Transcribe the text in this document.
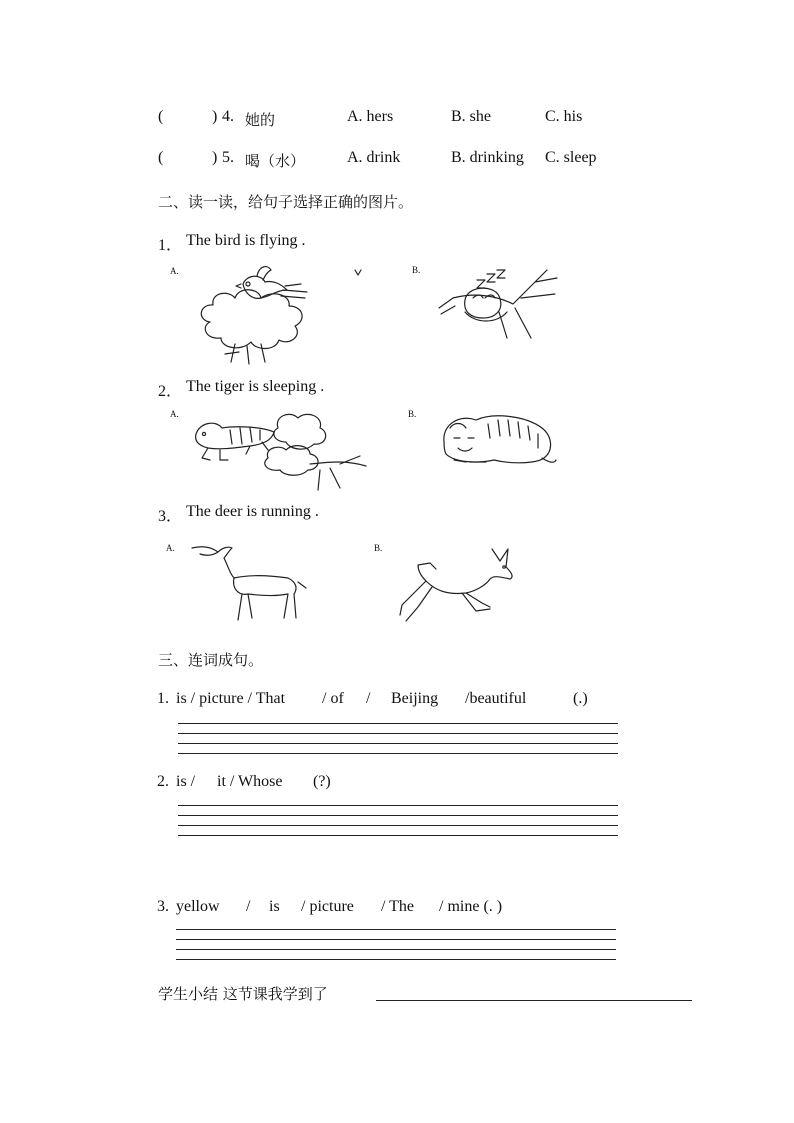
(	) 4. 她的	A. hers	B. she	C. his
(	) 5. 喝（水）	A. drink	B. drinking C. sleep
二、读一读，给句子选择正确的图片。
1． The bird is flying .
A.	B.
2． The tiger is sleeping .
A.	B.
3． The deer is running .
A.	B.
三、连词成句。
1. is / picture / That / of / Beijing /beautiful	(.)
2. is / it / Whose (?)
3. yellow / is / picture / The / mine (. )
学生小结 这节课我学到了
